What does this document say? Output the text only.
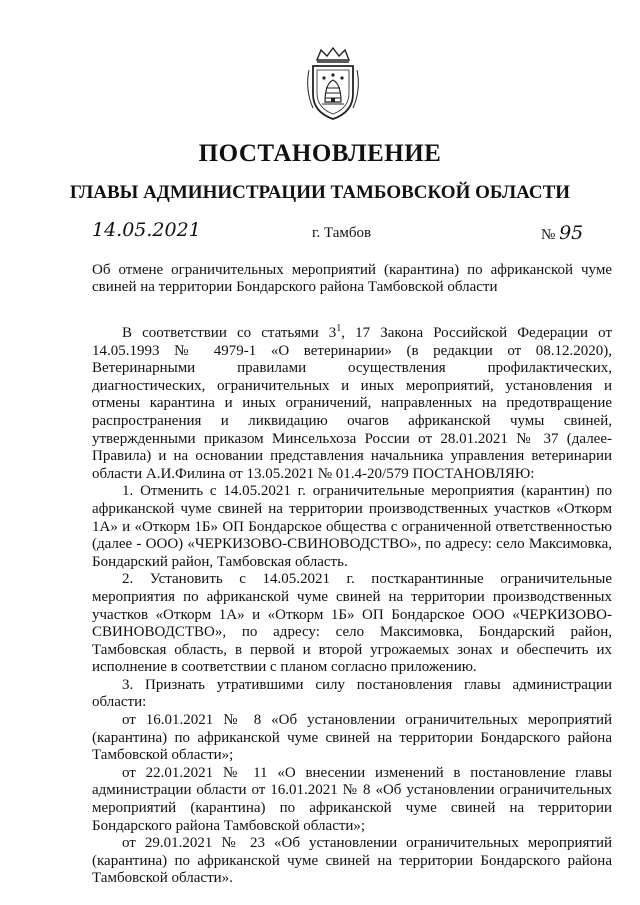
ПОСТАНОВЛЕНИЕ
ГЛАВЫ АДМИНИСТРАЦИИ ТАМБОВСКОЙ ОБЛАСТИ
14.05.2021	г. Тамбов	№ 95
Об отмене ограничительных мероприятий (карантина) по африканской чуме свиней на территории Бондарского района Тамбовской области

В соответствии со статьями $3^1$, 17 Закона Российской Федерации от 14.05.1993 № 4979-1 «О ветеринарии» (в редакции от 08.12.2020), Ветеринарными правилами осуществления профилактических, диагностических, ограничительных и иных мероприятий, установления и отмены карантина и иных ограничений, направленных на предотвращение распространения и ликвидацию очагов африканской чумы свиней, утвержденными приказом Минсельхоза России от 28.01.2021 № 37 (далее-Правила) и на основании представления начальника управления ветеринарии области А.И.Филина от 13.05.2021 № 01.4-20/579 ПОСТАНОВЛЯЮ:

1. Отменить с 14.05.2021 г. ограничительные мероприятия (карантин) по африканской чуме свиней на территории производственных участков «Откорм 1А» и «Откорм 1Б» ОП Бондарское общества с ограниченной ответственностью (далее - ООО) «ЧЕРКИЗОВО-СВИНОВОДСТВО», по адресу: село Максимовка, Бондарский район, Тамбовская область.

2. Установить с 14.05.2021 г. посткарантинные ограничительные мероприятия по африканской чуме свиней на территории производственных участков «Откорм 1А» и «Откорм 1Б» ОП Бондарское ООО «ЧЕРКИЗОВО-СВИНОВОДСТВО», по адресу: село Максимовка, Бондарский район, Тамбовская область, в первой и второй угрожаемых зонах и обеспечить их исполнение в соответствии с планом согласно приложению.

3. Признать утратившими силу постановления главы администрации области:

от 16.01.2021 № 8 «Об установлении ограничительных мероприятий (карантина) по африканской чуме свиней на территории Бондарского района Тамбовской области»;

от 22.01.2021 № 11 «О внесении изменений в постановление главы администрации области от 16.01.2021 № 8 «Об установлении ограничительных мероприятий (карантина) по африканской чуме свиней на территории Бондарского района Тамбовской области»;

от 29.01.2021 № 23 «Об установлении ограничительных мероприятий (карантина) по африканской чуме свиней на территории Бондарского района Тамбовской области».
